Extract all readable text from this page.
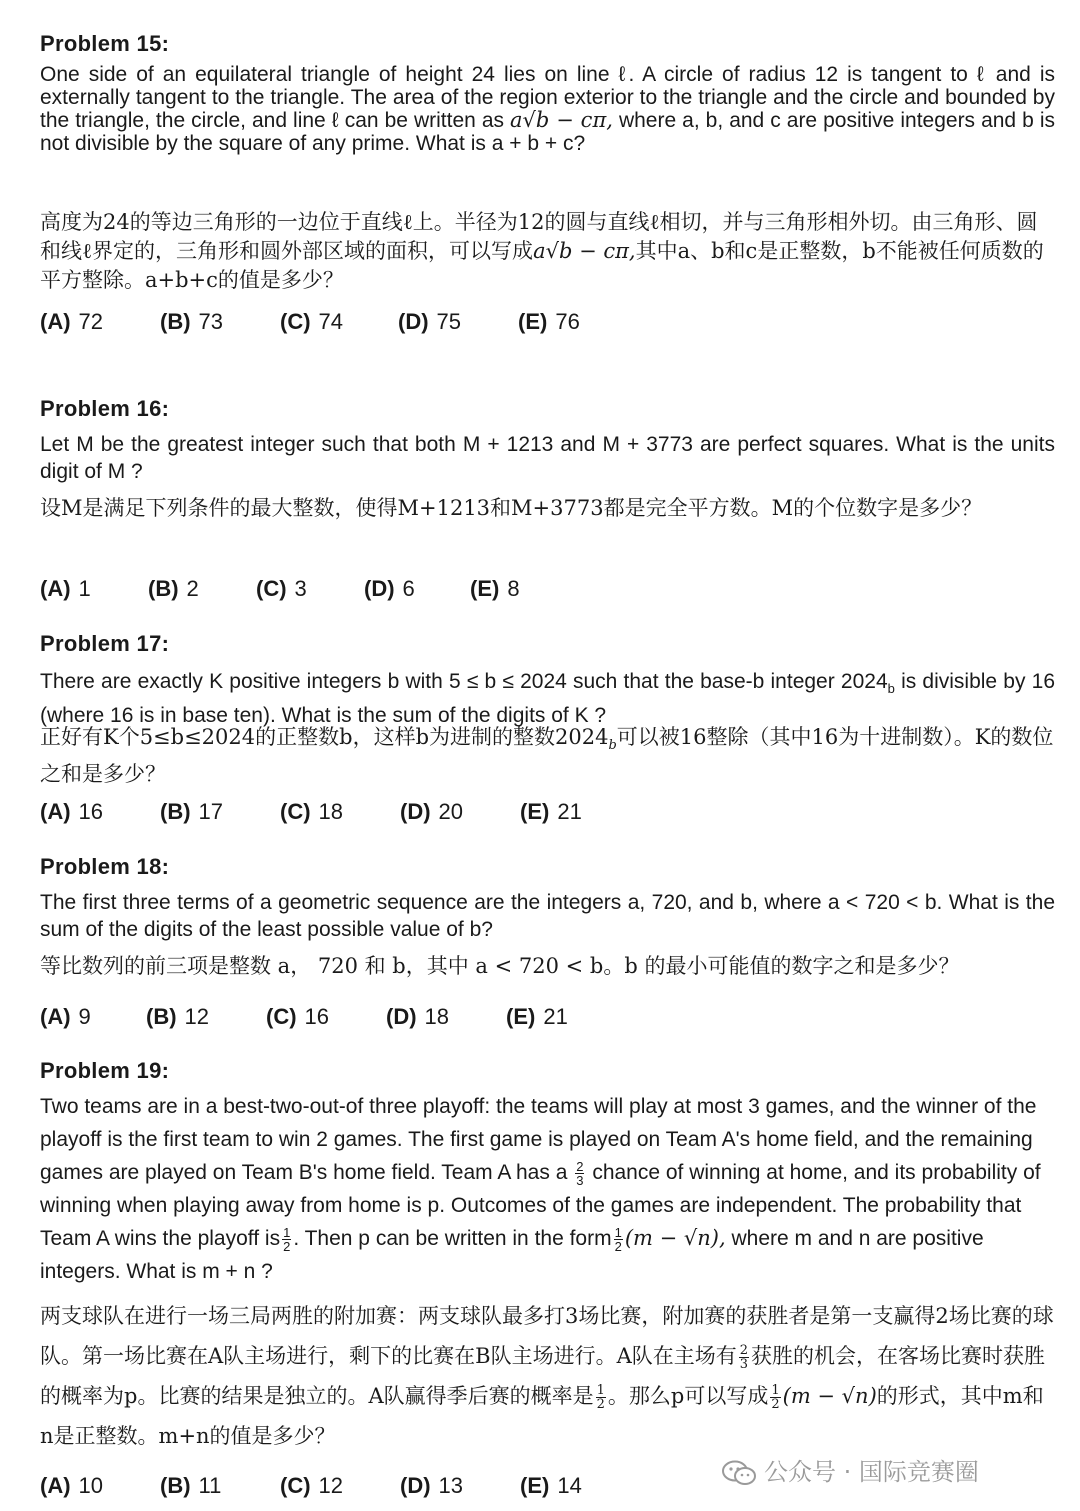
Problem 15:
One side of an equilateral triangle of height 24 lies on line ℓ. A circle of radius 12 is tangent to ℓ and is externally tangent to the triangle. The area of the region exterior to the triangle and the circle and bounded by the triangle, the circle, and line ℓ can be written as a√b − cπ, where a, b, and c are positive integers and b is not divisible by the square of any prime. What is a + b + c?
高度为24的等边三角形的一边位于直线ℓ上。半径为12的圆与直线ℓ相切，并与三角形相外切。由三角形、圆和线ℓ界定的，三角形和圆外部区域的面积，可以写成a√b − cπ,其中a、b和c是正整数，b不能被任何质数的平方整除。a+b+c的值是多少？
(A) 72	(B) 73	(C) 74 (D) 75	(E) 76
Problem 16:
Let M be the greatest integer such that both M + 1213 and M + 3773 are perfect squares. What is the units digit of M ?
设M是满足下列条件的最大整数，使得M+1213和M+3773都是完全平方数。M的个位数字是多少？
(A) 1	(B) 2	(C) 3	(D) 6	(E) 8
Problem 17:
There are exactly K positive integers b with 5 ≤ b ≤ 2024 such that the base-b integer $2024_b$ is divisible by 16 (where 16 is in base ten). What is the sum of the digits of K ?
正好有K个5≤b≤2024的正整数b，这样b为进制的整数$2024_b$可以被16整除（其中16为十进制数）。K的数位之和是多少？
(A) 16	(B) 17	(C) 18	(D) 20	(E) 21
Problem 18:
The first three terms of a geometric sequence are the integers a, 720, and b, where a < 720 < b. What is the sum of the digits of the least possible value of b?
等比数列的前三项是整数 a， 720 和 b，其中 a < 720 < b。b 的最小可能值的数字之和是多少？
(A) 9	(B) 12	(C) 16	(D) 18	(E) 21
Problem 19:
Two teams are in a best-two-out-of three playoff: the teams will play at most 3 games, and the winner of the playoff is the first team to win 2 games. The first game is played on Team A's home field, and the remaining games are played on Team B's home field. Team A has a $\frac{2}{3}$ chance of winning at home, and its probability of winning when playing away from home is p. Outcomes of the games are independent. The probability that Team A wins the playoff is $\frac{1}{2}$ . Then p can be written in the form $\frac{1}{2} (m - √n)$, where m and n are positive integers. What is m + n ?
两支球队在进行一场三局两胜的附加赛：两支球队最多打3场比赛，附加赛的获胜者是第一支赢得2场比赛的球队。第一场比赛在A队主场进行，剩下的比赛在B队主场进行。A队在主场有 $\frac{2}{3}$ 获胜的机会，在客场比赛时获胜的概率为p。比赛的结果是独立的。A队赢得季后赛的概率是 $\frac{1}{2}$ 。那么p可以写成 $\frac{1}{2} (m - √n)$的形式，其中m和n是正整数。m+n的值是多少？
(A) 10	(B) 11	(C) 12	(D) 13	(E) 14	公众号 · 国际竞赛圈
